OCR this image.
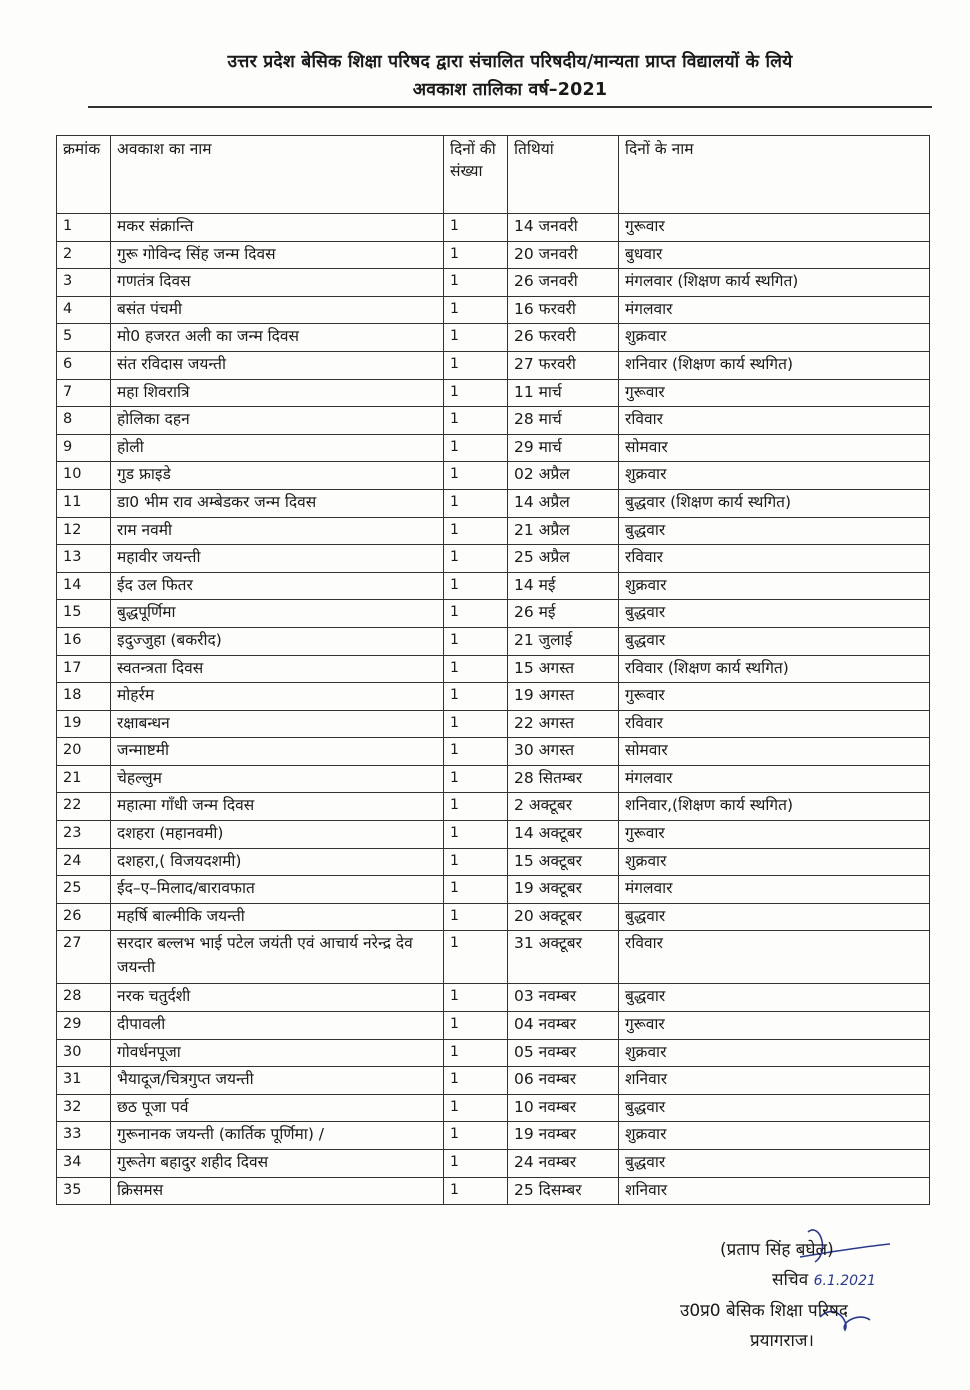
उत्तर प्रदेश बेसिक शिक्षा परिषद द्वारा संचालित परिषदीय/मान्यता प्राप्त विद्यालयों के लिये
अवकाश तालिका वर्ष–2021
क्रमांक	अवकाश का नाम	दिनों की संख्या	तिथियां	दिनों के नाम
1	मकर संक्रान्ति	1	14 जनवरी	गुरूवार
2	गुरू गोविन्द सिंह जन्म दिवस	1	20 जनवरी	बुधवार
3	गणतंत्र दिवस	1	26 जनवरी	मंगलवार (शिक्षण कार्य स्थगित)
4	बसंत पंचमी	1	16 फरवरी	मंगलवार
5	मो0 हजरत अली का जन्म दिवस	1	26 फरवरी	शुक्रवार
6	संत रविदास जयन्ती	1	27 फरवरी	शनिवार (शिक्षण कार्य स्थगित)
7	महा शिवरात्रि	1	11 मार्च	गुरूवार
8	होलिका दहन	1	28 मार्च	रविवार
9	होली	1	29 मार्च	सोमवार
10	गुड फ्राइडे	1	02 अप्रैल	शुक्रवार
11	डा0 भीम राव अम्बेडकर जन्म दिवस	1	14 अप्रैल	बुद्धवार (शिक्षण कार्य स्थगित)
12	राम नवमी	1	21 अप्रैल	बुद्धवार
13	महावीर जयन्ती	1	25 अप्रैल	रविवार
14	ईद उल फितर	1	14 मई	शुक्रवार
15	बुद्धपूर्णिमा	1	26 मई	बुद्धवार
16	इदुज्जुहा (बकरीद)	1	21 जुलाई	बुद्धवार
17	स्वतन्त्रता दिवस	1	15 अगस्त	रविवार (शिक्षण कार्य स्थगित)
18	मोहर्रम	1	19 अगस्त	गुरूवार
19	रक्षाबन्धन	1	22 अगस्त	रविवार
20	जन्माष्टमी	1	30 अगस्त	सोमवार
21	चेहल्लुम	1	28 सितम्बर	मंगलवार
22	महात्मा गाँधी जन्म दिवस	1	2 अक्टूबर	शनिवार,(शिक्षण कार्य स्थगित)
23	दशहरा (महानवमी)	1	14 अक्टूबर	गुरूवार
24	दशहरा,( विजयदशमी)	1	15 अक्टूबर	शुक्रवार
25	ईद–ए–मिलाद/बारावफात	1	19 अक्टूबर	मंगलवार
26	महर्षि बाल्मीकि जयन्ती	1	20 अक्टूबर	बुद्धवार
27	सरदार बल्लभ भाई पटेल जयंती एवं आचार्य नरेन्द्र देव जयन्ती	1	31 अक्टूबर	रविवार
28	नरक चतुर्दशी	1	03 नवम्बर	बुद्धवार
29	दीपावली	1	04 नवम्बर	गुरूवार
30	गोवर्धनपूजा	1	05 नवम्बर	शुक्रवार
31	भैयादूज/चित्रगुप्त जयन्ती	1	06 नवम्बर	शनिवार
32	छठ पूजा पर्व	1	10 नवम्बर	बुद्धवार
33	गुरूनानक जयन्ती (कार्तिक पूर्णिमा) /	1	19 नवम्बर	शुक्रवार
34	गुरूतेग बहादुर शहीद दिवस	1	24 नवम्बर	बुद्धवार
35	क्रिसमस	1	25 दिसम्बर	शनिवार
(प्रताप सिंह बघेल)
सचिव 6.1.2021
उ0प्र0 बेसिक शिक्षा परिषद
प्रयागराज।
